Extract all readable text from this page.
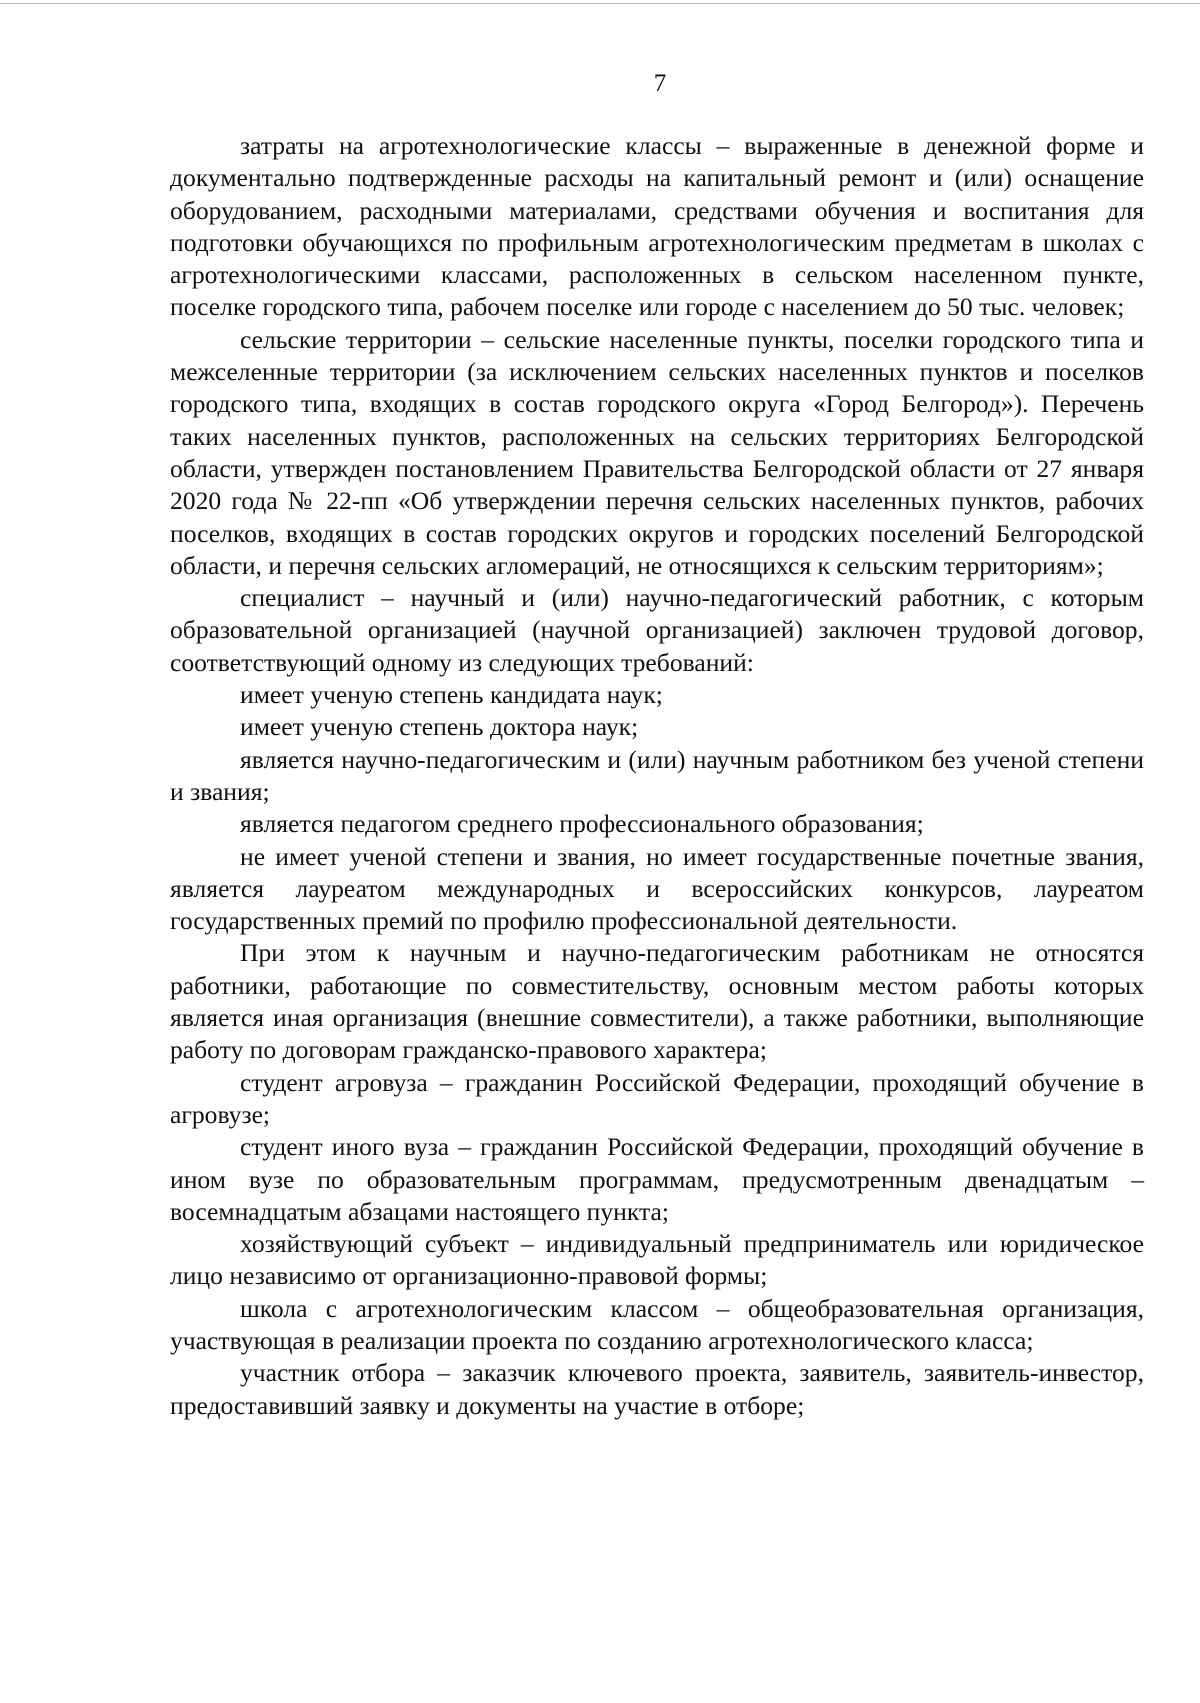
7

затраты на агротехнологические классы – выраженные в денежной форме и документально подтвержденные расходы на капитальный ремонт и (или) оснащение оборудованием, расходными материалами, средствами обучения и воспитания для подготовки обучающихся по профильным агротехнологическим предметам в школах с агротехнологическими классами, расположенных в сельском населенном пункте, поселке городского типа, рабочем поселке или городе с населением до 50 тыс. человек;

сельские территории – сельские населенные пункты, поселки городского типа и межселенные территории (за исключением сельских населенных пунктов и поселков городского типа, входящих в состав городского округа «Город Белгород»). Перечень таких населенных пунктов, расположенных на сельских территориях Белгородской области, утвержден постановлением Правительства Белгородской области от 27 января 2020 года № 22-пп «Об утверждении перечня сельских населенных пунктов, рабочих поселков, входящих в состав городских округов и городских поселений Белгородской области, и перечня сельских агломераций, не относящихся к сельским территориям»;

специалист – научный и (или) научно-педагогический работник, с которым образовательной организацией (научной организацией) заключен трудовой договор, соответствующий одному из следующих требований:

имеет ученую степень кандидата наук;

имеет ученую степень доктора наук;

является научно-педагогическим и (или) научным работником без ученой степени и звания;

является педагогом среднего профессионального образования;

не имеет ученой степени и звания, но имеет государственные почетные звания, является лауреатом международных и всероссийских конкурсов, лауреатом государственных премий по профилю профессиональной деятельности.

При этом к научным и научно-педагогическим работникам не относятся работники, работающие по совместительству, основным местом работы которых является иная организация (внешние совместители), а также работники, выполняющие работу по договорам гражданско-правового характера;

студент агровуза – гражданин Российской Федерации, проходящий обучение в агровузе;

студент иного вуза – гражданин Российской Федерации, проходящий обучение в ином вузе по образовательным программам, предусмотренным двенадцатым – восемнадцатым абзацами настоящего пункта;

хозяйствующий субъект – индивидуальный предприниматель или юридическое лицо независимо от организационно-правовой формы;

школа с агротехнологическим классом – общеобразовательная организация, участвующая в реализации проекта по созданию агротехнологического класса;

участник отбора – заказчик ключевого проекта, заявитель, заявитель-инвестор, предоставивший заявку и документы на участие в отборе;
